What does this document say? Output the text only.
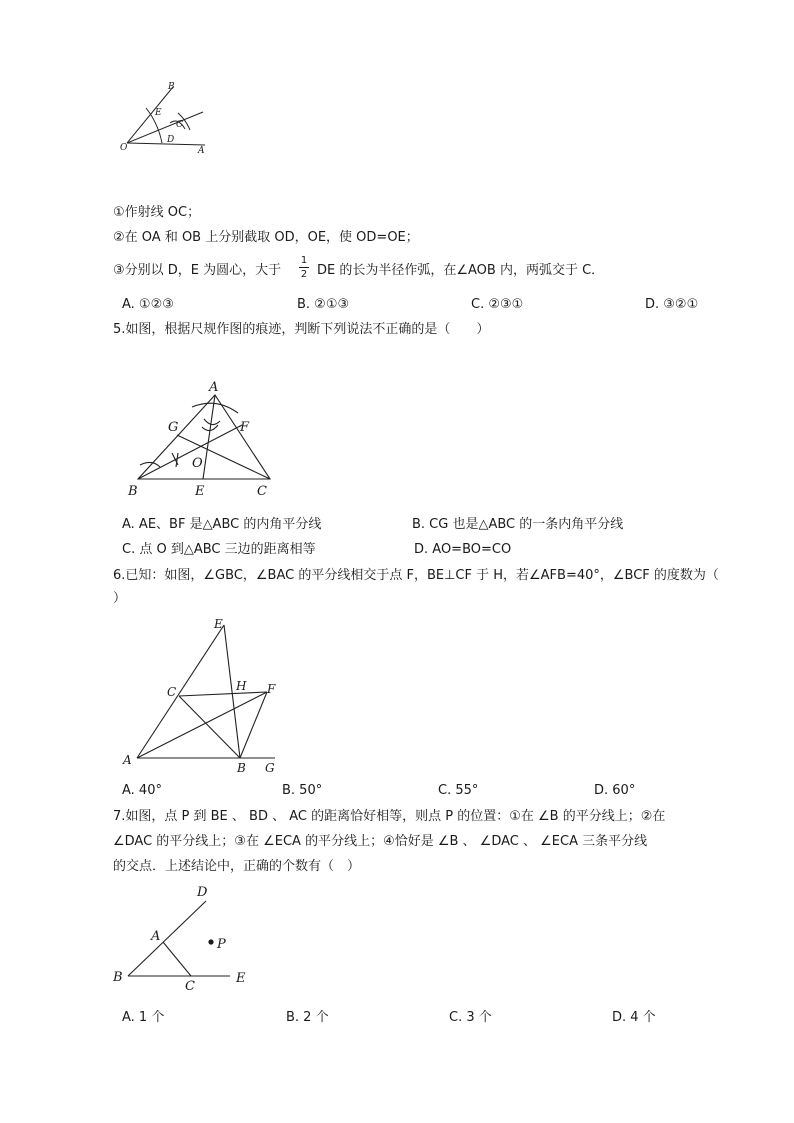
B
E
C
O
D
A
①作射线 OC；
②在 OA 和 OB 上分别截取 OD，OE，使 OD=OE；
③分别以 D，E 为圆心，大于
1
2 DE 的长为半径作弧，在∠AOB 内，两弧交于 C．
A. ①②③	B. ②①③	C. ②③①	D. ③②①
5.如图，根据尺规作图的痕迹，判断下列说法不正确的是（　　）
A
G	F
O
B	E	C
A. AE、BF 是△ABC 的内角平分线	B. CG 也是△ABC 的一条内角平分线
C. 点 O 到△ABC 三边的距离相等	D. AO=BO=CO
6.已知：如图，∠GBC，∠BAC 的平分线相交于点 F，BE⊥CF 于 H，若∠AFB=40°，∠BCF 的度数为（
）
E
C	H F
A
B G
A. 40°	B. 50°	C. 55°	D. 60°
7.如图，点 P 到 BE 、 BD 、 AC 的距离恰好相等，则点 P 的位置：①在 ∠B 的平分线上；②在
∠DAC 的平分线上；③在 ∠ECA 的平分线上；④恰好是 ∠B 、 ∠DAC 、 ∠ECA 三条平分线
的交点．上述结论中，正确的个数有（　）
D
A
P
B
C
E
A. 1 个	B. 2 个	C. 3 个	D. 4 个
